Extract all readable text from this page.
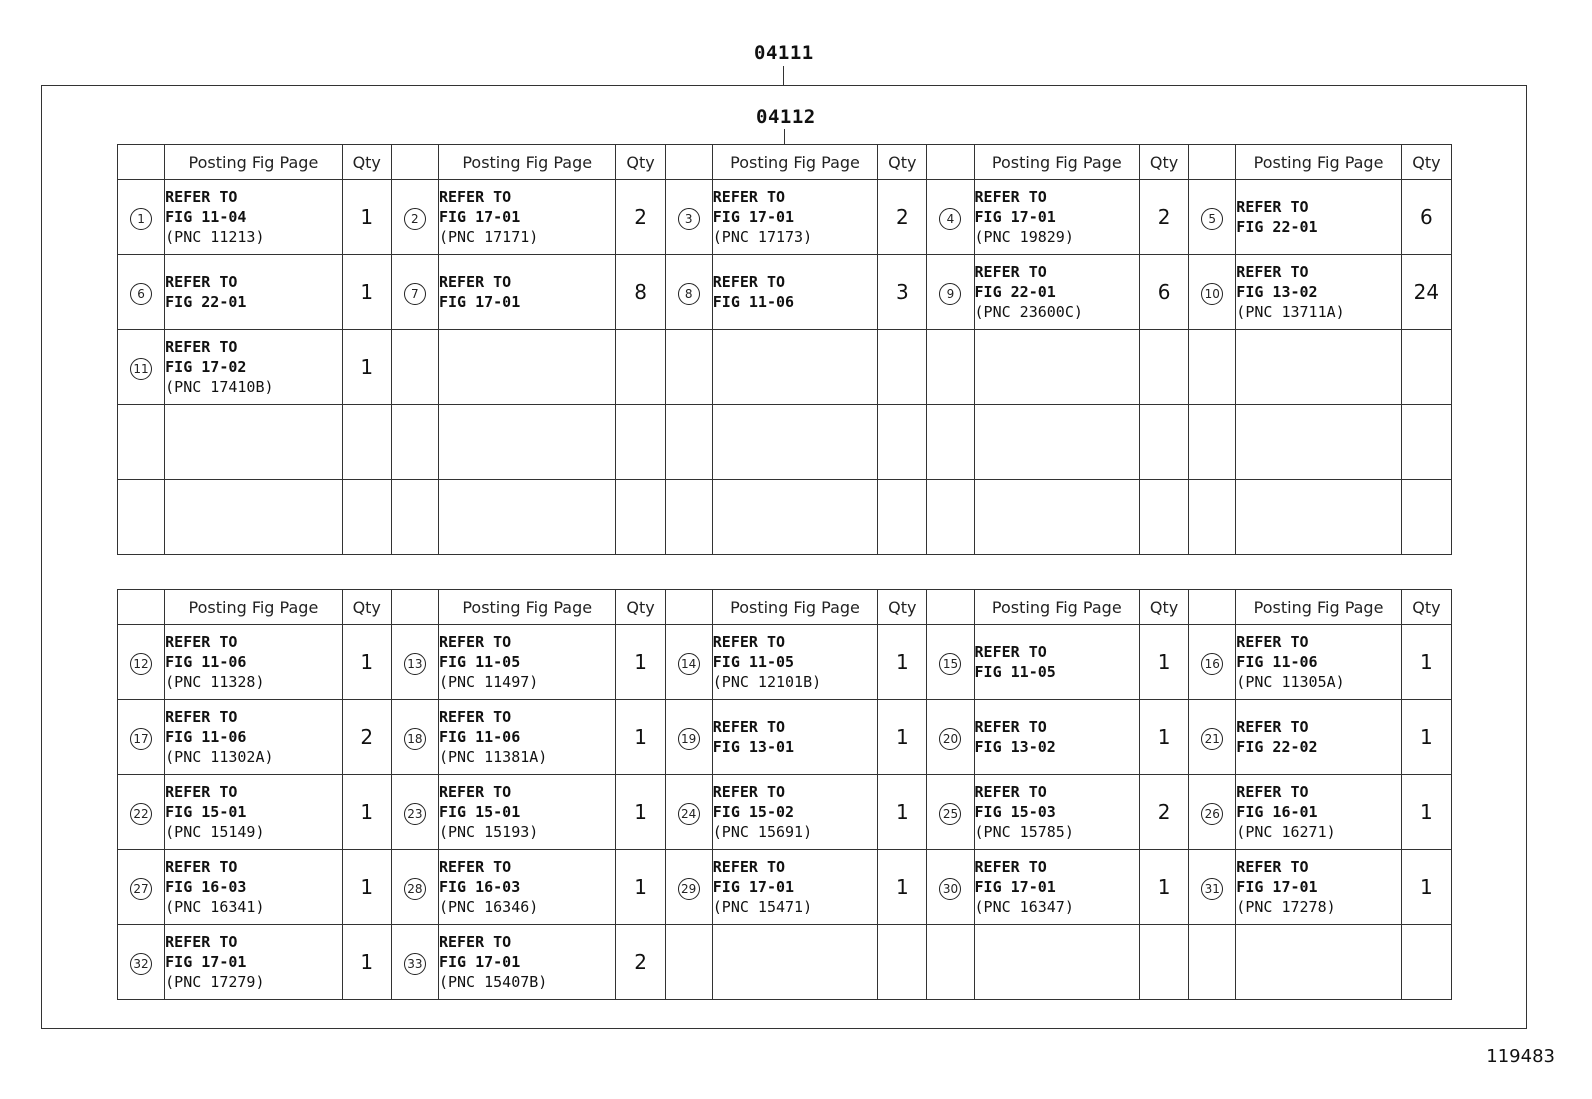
04111
04112
	Posting Fig Page	Qty		Posting Fig Page	Qty		Posting Fig Page	Qty		Posting Fig Page	Qty		Posting Fig Page	Qty
1	REFER TO
FIG 11-04
(PNC 11213)	1	2	REFER TO
FIG 17-01
(PNC 17171)	2	3	REFER TO
FIG 17-01
(PNC 17173)	2	4	REFER TO
FIG 17-01
(PNC 19829)	2	5	REFER TO
FIG 22-01	6
6	REFER TO
FIG 22-01	1	7	REFER TO
FIG 17-01	8	8	REFER TO
FIG 11-06	3	9	REFER TO
FIG 22-01
(PNC 23600C)	6	10	REFER TO
FIG 13-02
(PNC 13711A)	24
11	REFER TO
FIG 17-02
(PNC 17410B)	1												

	Posting Fig Page	Qty		Posting Fig Page	Qty		Posting Fig Page	Qty		Posting Fig Page	Qty		Posting Fig Page	Qty
12	REFER TO
FIG 11-06
(PNC 11328)	1	13	REFER TO
FIG 11-05
(PNC 11497)	1	14	REFER TO
FIG 11-05
(PNC 12101B)	1	15	REFER TO
FIG 11-05	1	16	REFER TO
FIG 11-06
(PNC 11305A)	1
17	REFER TO
FIG 11-06
(PNC 11302A)	2	18	REFER TO
FIG 11-06
(PNC 11381A)	1	19	REFER TO
FIG 13-01	1	20	REFER TO
FIG 13-02	1	21	REFER TO
FIG 22-02	1
22	REFER TO
FIG 15-01
(PNC 15149)	1	23	REFER TO
FIG 15-01
(PNC 15193)	1	24	REFER TO
FIG 15-02
(PNC 15691)	1	25	REFER TO
FIG 15-03
(PNC 15785)	2	26	REFER TO
FIG 16-01
(PNC 16271)	1
27	REFER TO
FIG 16-03
(PNC 16341)	1	28	REFER TO
FIG 16-03
(PNC 16346)	1	29	REFER TO
FIG 17-01
(PNC 15471)	1	30	REFER TO
FIG 17-01
(PNC 16347)	1	31	REFER TO
FIG 17-01
(PNC 17278)	1
32	REFER TO
FIG 17-01
(PNC 17279)	1	33	REFER TO
FIG 17-01
(PNC 15407B)	2									
119483
